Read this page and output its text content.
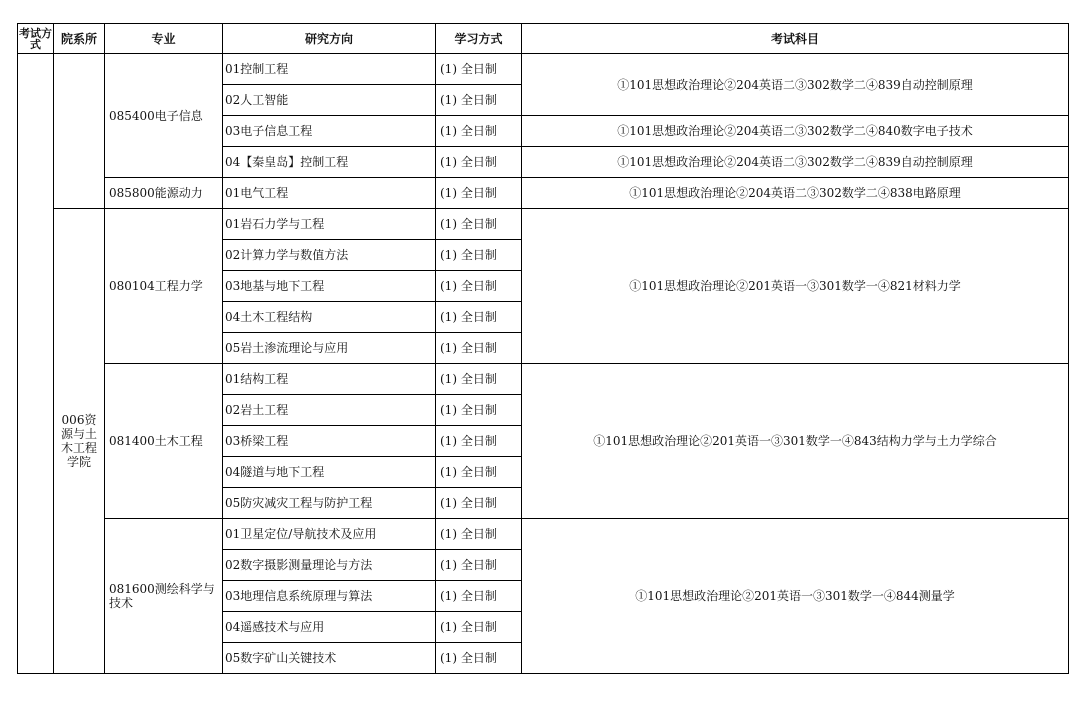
考试方式	院系所	专业	研究方向	学习方式	考试科目
		085400电子信息	01控制工程	(1) 全日制	①101思想政治理论②204英语二③302数学二④839自动控制原理
			02人工智能	(1) 全日制	
			03电子信息工程	(1) 全日制	①101思想政治理论②204英语二③302数学二④840数字电子技术
			04【秦皇岛】控制工程	(1) 全日制	①101思想政治理论②204英语二③302数学二④839自动控制原理
		085800能源动力	01电气工程	(1) 全日制	①101思想政治理论②204英语二③302数学二④838电路原理
	006资源与土木工程学院	080104工程力学	01岩石力学与工程	(1) 全日制	①101思想政治理论②201英语一③301数学一④821材料力学
			02计算力学与数值方法	(1) 全日制	
			03地基与地下工程	(1) 全日制	
			04土木工程结构	(1) 全日制	
			05岩土渗流理论与应用	(1) 全日制	
		081400土木工程	01结构工程	(1) 全日制	①101思想政治理论②201英语一③301数学一④843结构力学与土力学综合
			02岩土工程	(1) 全日制	
			03桥梁工程	(1) 全日制	
			04隧道与地下工程	(1) 全日制	
			05防灾减灾工程与防护工程	(1) 全日制	
		081600测绘科学与技术	01卫星定位/导航技术及应用	(1) 全日制	①101思想政治理论②201英语一③301数学一④844测量学
			02数字摄影测量理论与方法	(1) 全日制	
			03地理信息系统原理与算法	(1) 全日制	
			04遥感技术与应用	(1) 全日制	
			05数字矿山关键技术	(1) 全日制	
